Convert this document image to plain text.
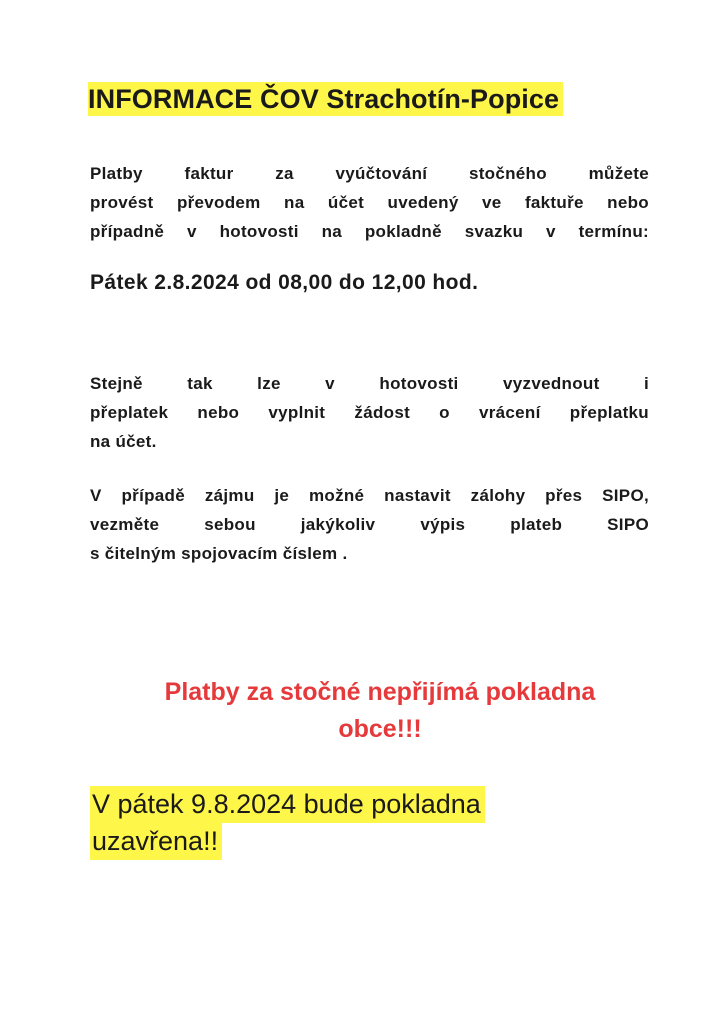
INFORMACE ČOV Strachotín-Popice
Platby faktur za vyúčtování stočného můžete
provést převodem na účet uvedený ve faktuře nebo
případně v hotovosti na pokladně svazku v termínu:
Pátek 2.8.2024 od 08,00 do 12,00 hod.
Stejně tak lze v hotovosti vyzvednout i
přeplatek nebo vyplnit žádost o vrácení přeplatku
na účet.
V případě zájmu je možné nastavit zálohy přes SIPO,
vezměte sebou jakýkoliv výpis plateb SIPO
s čitelným spojovacím číslem .
Platby za stočné nepřijímá pokladna
obce!!!
V pátek 9.8.2024 bude pokladna
uzavřena!!
